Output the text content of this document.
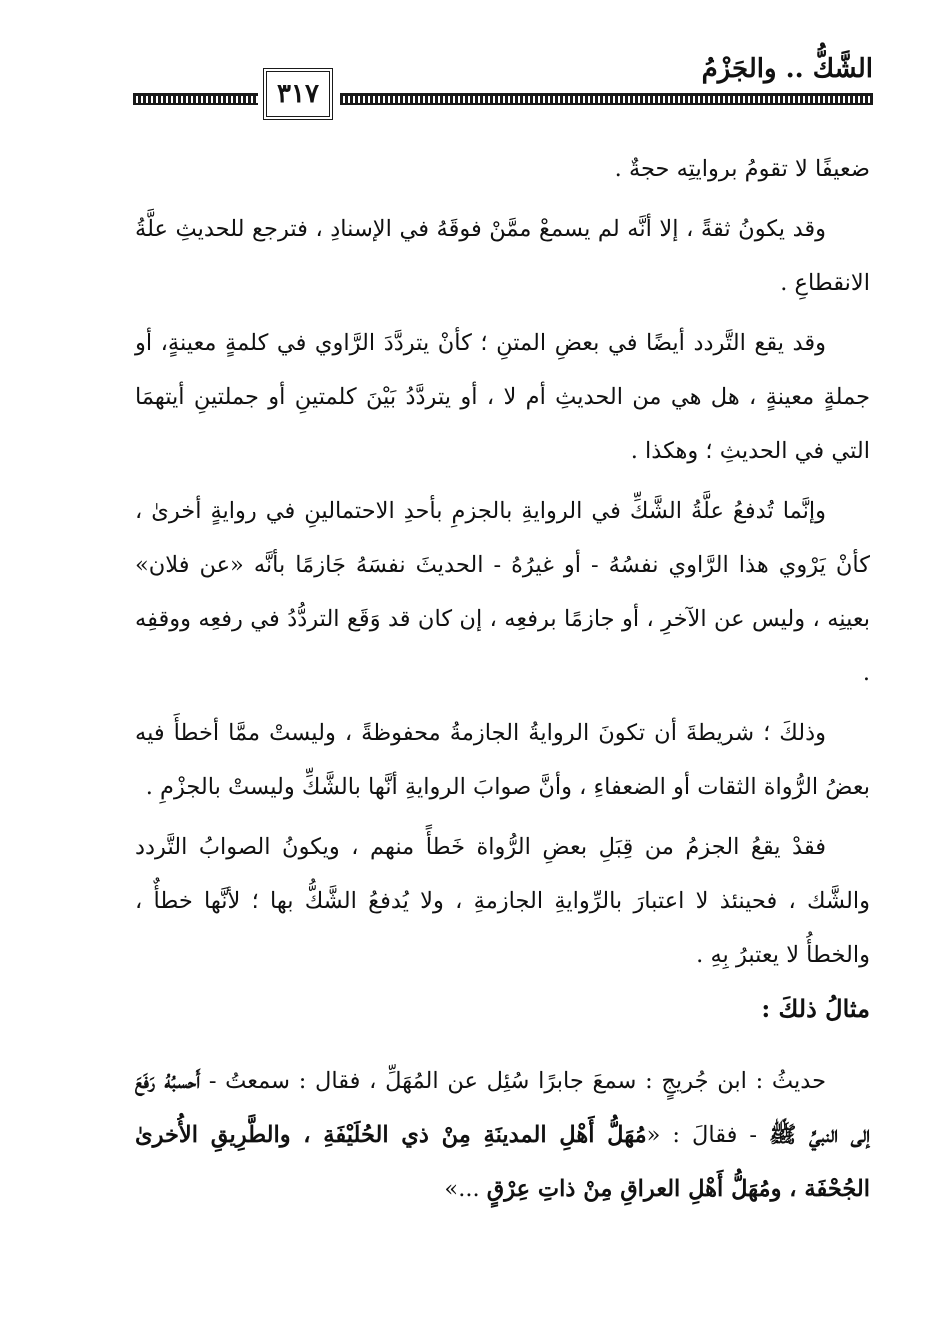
الشَّكُّ .. والجَزْمُ
٣١٧

ضعيفًا لا تقومُ بروايتِه حجةٌ .

وقد يكونُ ثقةً ، إلا أنَّه لم يسمعْ ممَّنْ فوقَهُ في الإسنادِ ، فترجع للحديثِ علَّةُ الانقطاعِ .

وقد يقع التَّردد أيضًا في بعضِ المتنِ ؛ كأنْ يتردَّدَ الرَّاوي في كلمةٍ معينةٍ، أو جملةٍ معينةٍ ، هل هي من الحديثِ أم لا ، أو يتردَّدُ بَيْنَ كلمتينِ أو جملتينِ أيتهمَا التي في الحديثِ ؛ وهكذا .

وإنَّما تُدفعُ علَّةُ الشَّكِّ في الروايةِ بالجزمِ بأحدِ الاحتمالينِ في روايةٍ أخرىٰ ، كأنْ يَرْوي هذا الرَّاوي نفسُهُ - أو غيرُهُ - الحديثَ نفسَهُ جَازمًا بأنَّه «عن فلان» بعينِه ، وليس عن الآخرِ ، أو جازمًا برفعِه ، إن كان قد وَقَع التردُّدُ في رفعِه ووقفِه .

وذلكَ ؛ شريطةَ أن تكونَ الروايةُ الجازمةُ محفوظةً ، وليستْ ممَّا أخطأَ فيه بعضُ الرُّواة الثقات أو الضعفاءِ ، وأنَّ صوابَ الروايةِ أنَّها بالشَّكِّ وليستْ بالجزْمِ .

فقدْ يقعُ الجزمُ من قِبَلِ بعضِ الرُّواة خَطأً منهم ، ويكونُ الصوابُ التَّردد والشَّك ، فحينئذ لا اعتبارَ بالرِّوايةِ الجازمةِ ، ولا يُدفعُ الشَّكُّ بها ؛ لأنَّها خطأٌ ، والخطأُ لا يعتبرُ بِهِ .

مثالُ ذلكَ :

حديثُ : ابن جُريجٍ : سمعَ جابرًا سُئِل عن المُهَلِّ ، فقال : سمعتُ - أَحسبُهُ رَفَعَ إلى النبيِّ ﷺ - فقالَ : «مُهَلُّ أَهْلِ المدينَةِ مِنْ ذي الحُلَيْفَةِ ، والطَّرِيقِ الأُخرىٰ الجُحْفَة ، ومُهَلُّ أَهْلِ العراقِ مِنْ ذاتِ عِرْقٍ ...»
